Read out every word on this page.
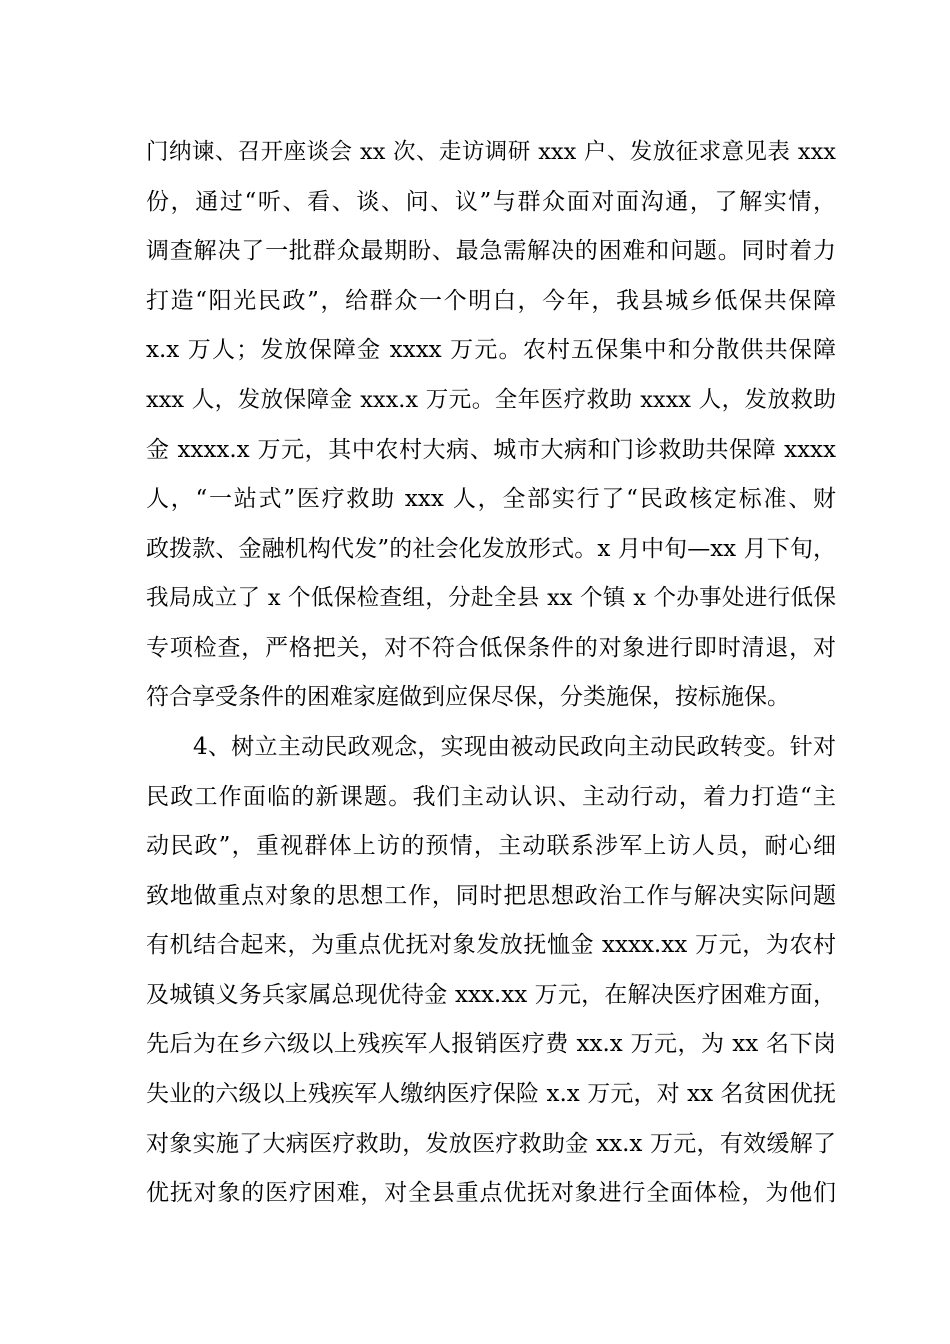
门纳谏、召开座谈会 xx 次、走访调研 xxx 户、发放征求意见表 xxx
份，通过“听、看、谈、问、议”与群众面对面沟通，了解实情，
调查解决了一批群众最期盼、最急需解决的困难和问题。同时着力
打造“阳光民政”，给群众一个明白，今年，我县城乡低保共保障
x.x 万人；发放保障金 xxxx 万元。农村五保集中和分散供共保障
xxx 人，发放保障金 xxx.x 万元。全年医疗救助 xxxx 人，发放救助
金 xxxx.x 万元，其中农村大病、城市大病和门诊救助共保障 xxxx
人，“一站式”医疗救助 xxx 人，全部实行了“民政核定标准、财
政拨款、金融机构代发”的社会化发放形式。x 月中旬—xx 月下旬，
我局成立了 x 个低保检查组，分赴全县 xx 个镇 x 个办事处进行低保
专项检查，严格把关，对不符合低保条件的对象进行即时清退，对
符合享受条件的困难家庭做到应保尽保，分类施保，按标施保。
4、树立主动民政观念，实现由被动民政向主动民政转变。针对
民政工作面临的新课题。我们主动认识、主动行动，着力打造“主
动民政”，重视群体上访的预情，主动联系涉军上访人员，耐心细
致地做重点对象的思想工作，同时把思想政治工作与解决实际问题
有机结合起来，为重点优抚对象发放抚恤金 xxxx.xx 万元，为农村
及城镇义务兵家属总现优待金 xxx.xx 万元，在解决医疗困难方面，
先后为在乡六级以上残疾军人报销医疗费 xx.x 万元，为 xx 名下岗
失业的六级以上残疾军人缴纳医疗保险 x.x 万元，对 xx 名贫困优抚
对象实施了大病医疗救助，发放医疗救助金 xx.x 万元，有效缓解了
优抚对象的医疗困难，对全县重点优抚对象进行全面体检，为他们
